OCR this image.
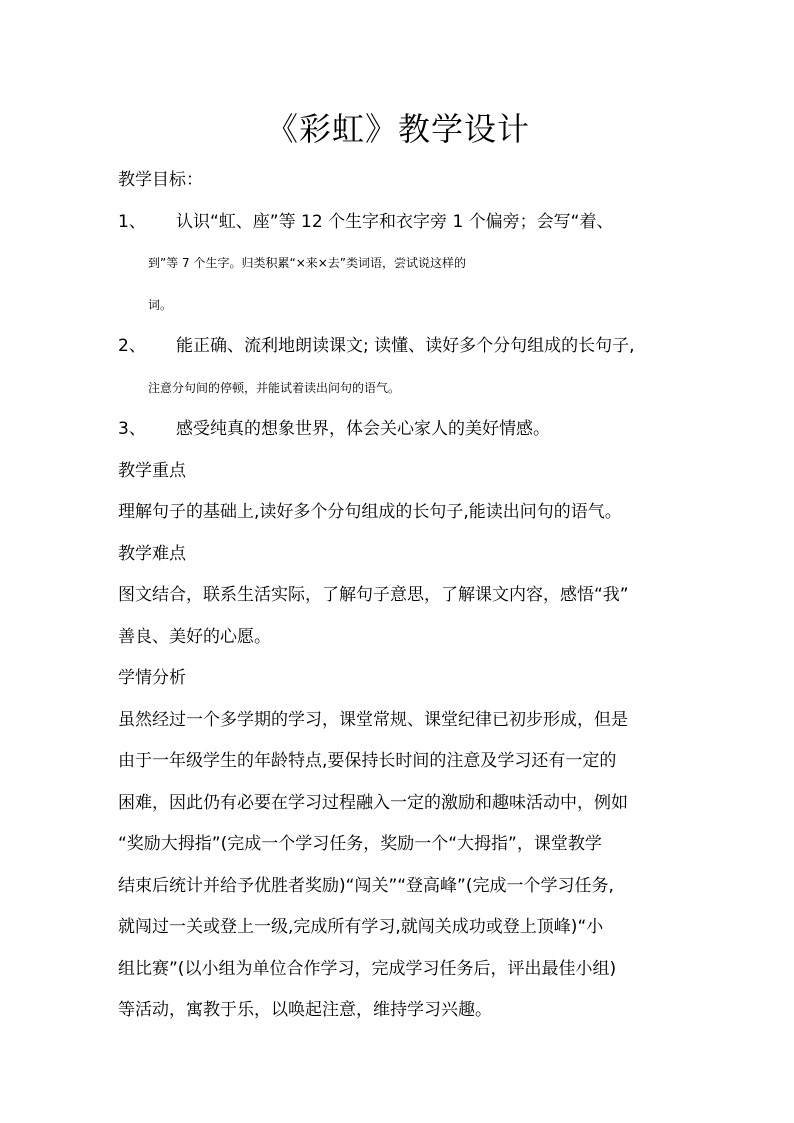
《彩虹》教学设计
教学目标：
1、	认识“虹、座”等 12 个生字和衣字旁 1 个偏旁；会写“着、
到”等 7 个生字。归类积累“×来×去”类词语，尝试说这样的
词。
2、	能正确、流利地朗读课文; 读懂、读好多个分句组成的长句子,
注意分句间的停顿，并能试着读出问句的语气。
3、	感受纯真的想象世界，体会关心家人的美好情感。
教学重点
理解句子的基础上,读好多个分句组成的长句子,能读出问句的语气。
教学难点
图文结合，联系生活实际，了解句子意思，了解课文内容，感悟“我”
善良、美好的心愿。
学情分析
虽然经过一个多学期的学习，课堂常规、课堂纪律已初步形成，但是
由于一年级学生的年龄特点,要保持长时间的注意及学习还有一定的
困难，因此仍有必要在学习过程融入一定的激励和趣味活动中，例如
“奖励大拇指”(完成一个学习任务，奖励一个“大拇指”，课堂教学
结束后统计并给予优胜者奖励)“闯关”“登高峰”(完成一个学习任务,
就闯过一关或登上一级,完成所有学习,就闯关成功或登上顶峰)“小
组比赛”(以小组为单位合作学习，完成学习任务后，评出最佳小组)
等活动，寓教于乐，以唤起注意，维持学习兴趣。
